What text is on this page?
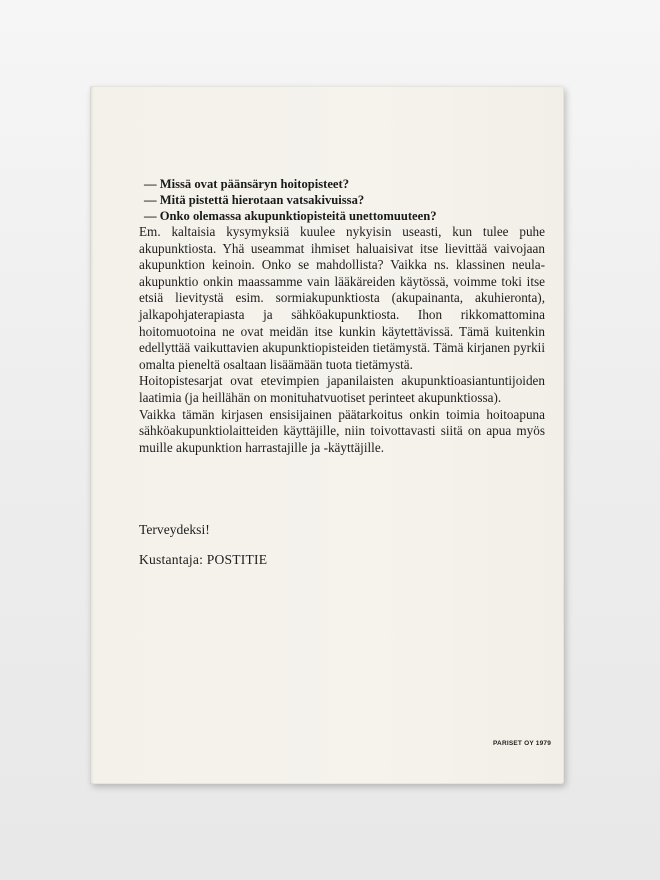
— Missä ovat päänsäryn hoitopisteet?
— Mitä pistettä hierotaan vatsakivuissa?
— Onko olemassa akupunktiopisteitä unettomuuteen?

Em. kaltaisia kysymyksiä kuulee nykyisin useasti, kun tulee puhe akupunktiosta. Yhä useammat ihmiset haluaisivat itse lievittää vaivojaan akupunktion keinoin. Onko se mahdollista? Vaikka ns. klassinen neula-akupunktio onkin maassamme vain lääkäreiden käytössä, voimme toki itse etsiä lievitystä esim. sormiakupunktiosta (akupainanta, akuhieronta), jalkapohjaterapiasta ja sähköakupunktiosta. Ihon rikkomattomina hoitomuotoina ne ovat meidän itse kunkin käytettävissä. Tämä kuitenkin edellyttää vaikuttavien akupunktiopisteiden tietämystä. Tämä kirjanen pyrkii omalta pieneltä osaltaan lisäämään tuota tietämystä.

Hoitopistesarjat ovat etevimpien japanilaisten akupunktioasiantuntijoiden laatimia (ja heillähän on monituhatvuotiset perinteet akupunktiossa).

Vaikka tämän kirjasen ensisijainen päätarkoitus onkin toimia hoitoapuna sähköakupunktiolaitteiden käyttäjille, niin toivottavasti siitä on apua myös muille akupunktion harrastajille ja -käyttäjille.

Terveydeksi!
Kustantaja: POSTITIE
PARISET OY 1979
